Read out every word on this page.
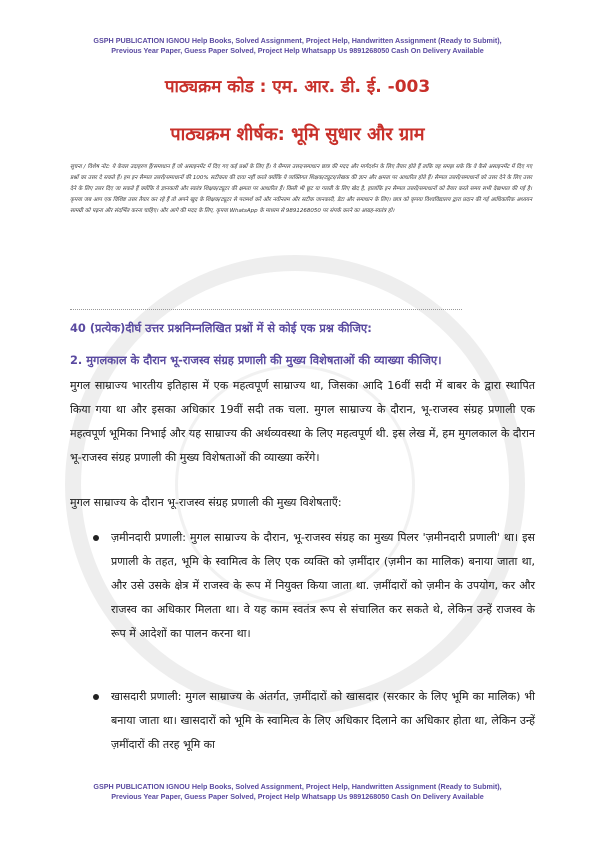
GSPH PUBLICATION IGNOU Help Books, Solved Assignment, Project Help, Handwritten Assignment (Ready to Submit),
Previous Year Paper, Guess Paper Solved, Project Help Whatsapp Us 9891268050 Cash On Delivery Available
पाठ्यक्रम कोड : एम. आर. डी. ई. -003
पाठ्यक्रम शीर्षक: भूमि सुधार और ग्राम
सूचना / विशेष नोट: ये केवल उदाहरण हैं/समाधान हैं जो असाइनमेंट में दिए गए कई प्रश्नों के लिए हैं। ये सैम्पल उत्तर/समाधान छात्र की मदद और मार्गदर्शन के लिए तैयार होते हैं ताकि वह समझ सके कि वे कैसे असाइनमेंट में दिए गए प्रश्नों का उत्तर दे सकते हैं। हम इन सैम्पल उत्तरों/समाधानों की 100% सटीकता की दावा नहीं करते क्योंकि ये व्यक्तिगत शिक्षक/ट्यूटर/लेखक की ज्ञान और क्षमता पर आधारित होते हैं। सैम्पल उत्तरों/समाधानों को उत्तर देने के लिए उत्तर देने के लिए उत्तर दिए जा सकते हैं क्योंकि ये ज्ञानकारी और स्वतंत्र शिक्षक/ट्यूटर की क्षमता पर आधारित हैं। किसी भी छूट या गलती के लिए खेद है, हालांकि इन सैम्पल उत्तरों/समाधानों को तैयार करते समय सभी देखभाल की गई है। कृपया जब आप एक विशिष्ट उत्तर तैयार कर रहे हैं तो अपने खुद के शिक्षक/ट्यूटर से परामर्श करें और नवीनतम और सटीक जानकारी, डेटा और समाधान के लिए। छात्र को कृपया विश्वविद्यालय द्वारा प्रदान की गई आधिकारिक अध्ययन सामग्री को पढ़ना और संदर्भित करना चाहिए। और आगे की मदद के लिए, कृपया WhatsApp के माध्यम से 9891268050 पर संपर्क करने का आग्रह-स्वतंत्र हो।
40 (प्रत्येक)दीर्घ उत्तर प्रश्ननिम्नलिखित प्रश्नों में से कोई एक प्रश्न कीजिए:
2. मुगलकाल के दौरान भू-राजस्व संग्रह प्रणाली की मुख्य विशेषताओं की व्याख्या कीजिए।
मुगल साम्राज्य भारतीय इतिहास में एक महत्वपूर्ण साम्राज्य था, जिसका आदि 16वीं सदी में बाबर के द्वारा स्थापित किया गया था और इसका अधिकार 19वीं सदी तक चला. मुगल साम्राज्य के दौरान, भू-राजस्व संग्रह प्रणाली एक महत्वपूर्ण भूमिका निभाई और यह साम्राज्य की अर्थव्यवस्था के लिए महत्वपूर्ण थी. इस लेख में, हम मुगलकाल के दौरान भू-राजस्व संग्रह प्रणाली की मुख्य विशेषताओं की व्याख्या करेंगे।
मुगल साम्राज्य के दौरान भू-राजस्व संग्रह प्रणाली की मुख्य विशेषताएँ:
ज़मीनदारी प्रणाली: मुगल साम्राज्य के दौरान, भू-राजस्व संग्रह का मुख्य पिलर 'ज़मीनदारी प्रणाली' था। इस प्रणाली के तहत, भूमि के स्वामित्व के लिए एक व्यक्ति को ज़मींदार (ज़मीन का मालिक) बनाया जाता था, और उसे उसके क्षेत्र में राजस्व के रूप में नियुक्त किया जाता था. ज़मींदारों को ज़मीन के उपयोग, कर और राजस्व का अधिकार मिलता था। वे यह काम स्वतंत्र रूप से संचालित कर सकते थे, लेकिन उन्हें राजस्व के रूप में आदेशों का पालन करना था।
खासदारी प्रणाली: मुगल साम्राज्य के अंतर्गत, ज़मींदारों को खासदार (सरकार के लिए भूमि का मालिक) भी बनाया जाता था। खासदारों को भूमि के स्वामित्व के लिए अधिकार दिलाने का अधिकार होता था, लेकिन उन्हें ज़मींदारों की तरह भूमि का
GSPH PUBLICATION IGNOU Help Books, Solved Assignment, Project Help, Handwritten Assignment (Ready to Submit),
Previous Year Paper, Guess Paper Solved, Project Help Whatsapp Us 9891268050 Cash On Delivery Available
